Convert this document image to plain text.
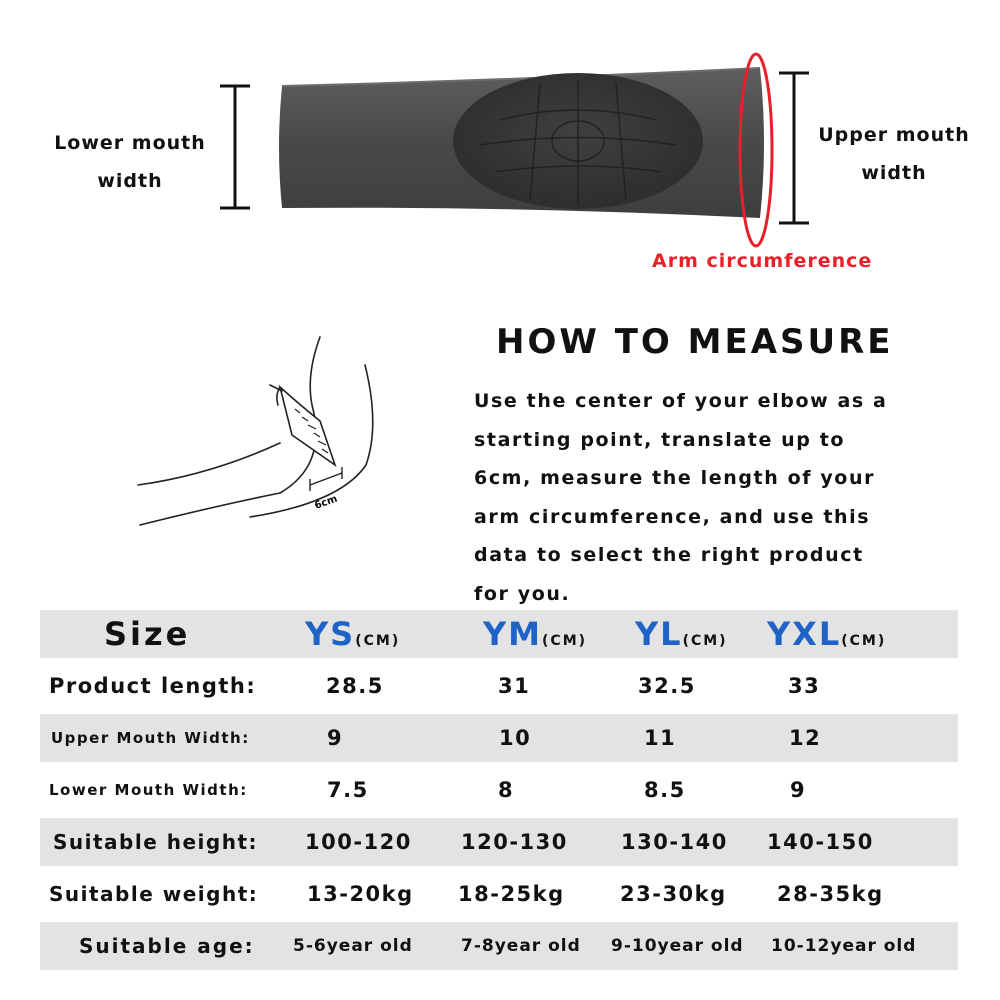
Lower mouth
width
Upper mouth
width
Arm circumference
6cm
HOW TO MEASURE
Use the center of your elbow as a
starting point, translate up to
6cm, measure the length of your
arm circumference, and use this
data to select the right product
for you.
Size	YS(CM)	YM(CM) YL(CM) YXL(CM)
Product length:	28.5	31	32.5	33
Upper Mouth Width:	9	10	11	12
Lower Mouth Width:	7.5	8	8.5	9
Suitable height: 100-120 120-130	130-140 140-150
Suitable weight: 13-20kg 18-25kg	23-30kg 28-35kg
Suitable age: 5-6year old	7-8year old 9-10year old 10-12year old
